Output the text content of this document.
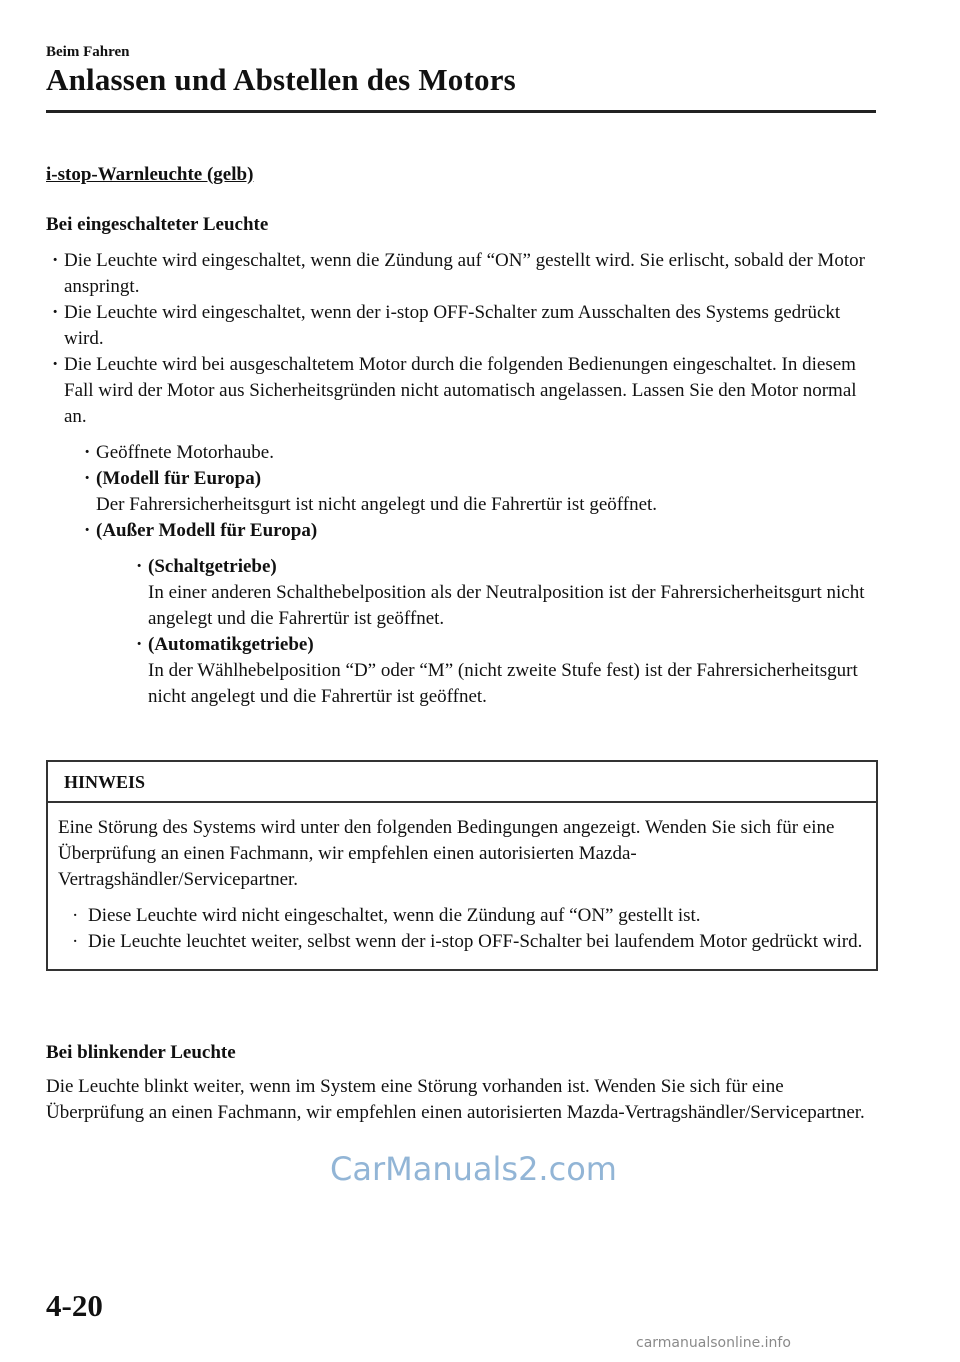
Beim Fahren
Anlassen und Abstellen des Motors
i-stop-Warnleuchte (gelb)
Bei eingeschalteter Leuchte
· Die Leuchte wird eingeschaltet, wenn die Zündung auf “ON” gestellt wird. Sie erlischt, sobald der Motor anspringt.
· Die Leuchte wird eingeschaltet, wenn der i-stop OFF-Schalter zum Ausschalten des Systems gedrückt wird.
· Die Leuchte wird bei ausgeschaltetem Motor durch die folgenden Bedienungen eingeschaltet. In diesem Fall wird der Motor aus Sicherheitsgründen nicht automatisch angelassen. Lassen Sie den Motor normal an.
· Geöffnete Motorhaube.
· (Modell für Europa)
Der Fahrersicherheitsgurt ist nicht angelegt und die Fahrertür ist geöffnet.
· (Außer Modell für Europa)
· (Schaltgetriebe)
In einer anderen Schalthebelposition als der Neutralposition ist der Fahrersicherheitsgurt nicht angelegt und die Fahrertür ist geöffnet.
· (Automatikgetriebe)
In der Wählhebelposition “D” oder “M” (nicht zweite Stufe fest) ist der Fahrersicherheitsgurt nicht angelegt und die Fahrertür ist geöffnet.
HINWEIS

Eine Störung des Systems wird unter den folgenden Bedingungen angezeigt. Wenden Sie sich für eine Überprüfung an einen Fachmann, wir empfehlen einen autorisierten Mazda-Vertragshändler/Servicepartner.

· Diese Leuchte wird nicht eingeschaltet, wenn die Zündung auf “ON” gestellt ist.
· Die Leuchte leuchtet weiter, selbst wenn der i-stop OFF-Schalter bei laufendem Motor gedrückt wird.
Bei blinkender Leuchte

Die Leuchte blinkt weiter, wenn im System eine Störung vorhanden ist. Wenden Sie sich für eine Überprüfung an einen Fachmann, wir empfehlen einen autorisierten Mazda-Vertragshändler/Servicepartner.

CarManuals2.com
4-20
carmanualsonline.info
